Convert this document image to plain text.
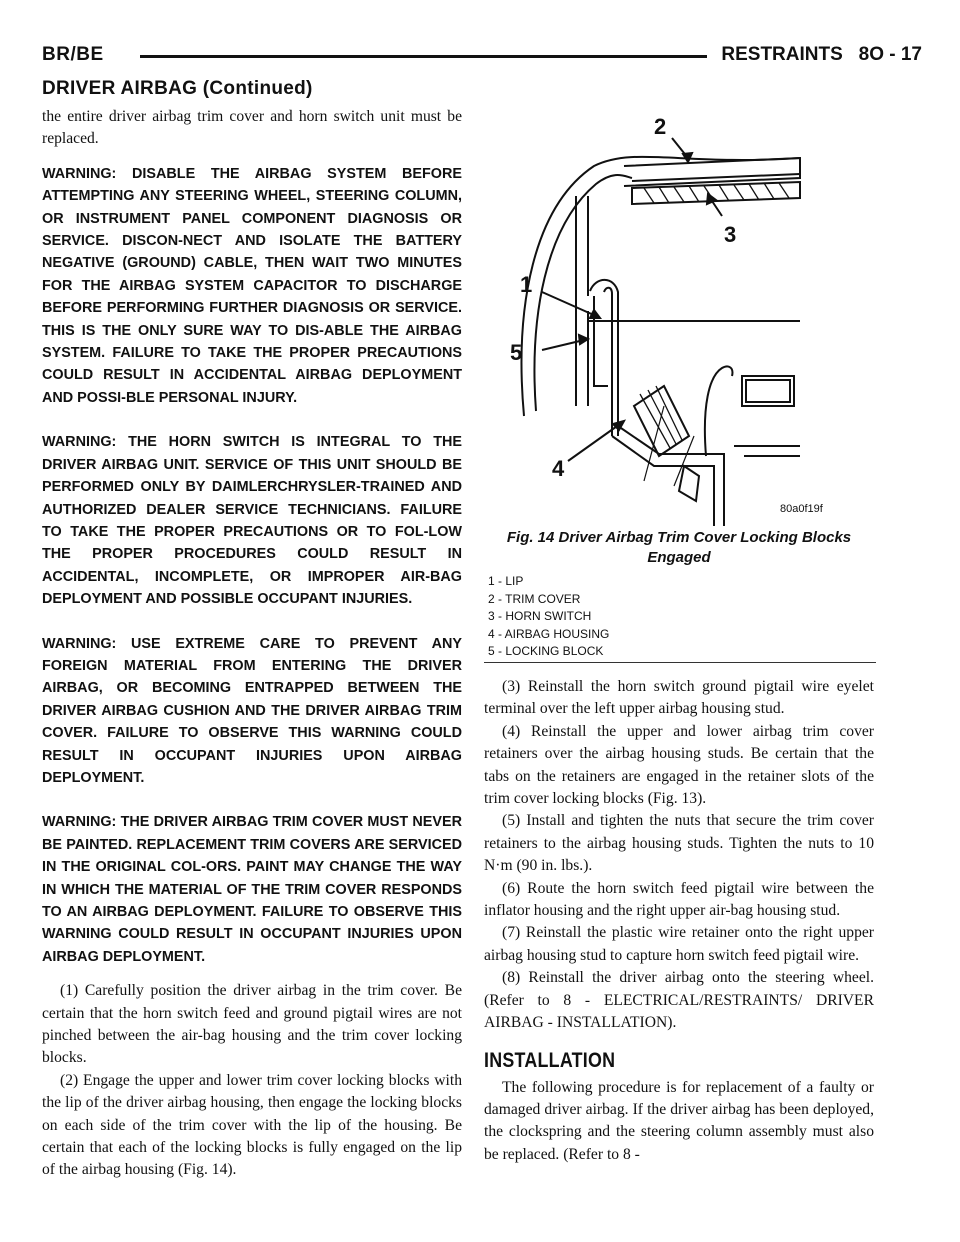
BR/BE	RESTRAINTS 8O - 17
DRIVER AIRBAG (Continued)

the entire driver airbag trim cover and horn switch unit must be replaced.

WARNING: DISABLE THE AIRBAG SYSTEM BEFORE ATTEMPTING ANY STEERING WHEEL, STEERING COLUMN, OR INSTRUMENT PANEL COMPONENT DIAGNOSIS OR SERVICE. DISCON-NECT AND ISOLATE THE BATTERY NEGATIVE (GROUND) CABLE, THEN WAIT TWO MINUTES FOR THE AIRBAG SYSTEM CAPACITOR TO DISCHARGE BEFORE PERFORMING FURTHER DIAGNOSIS OR SERVICE. THIS IS THE ONLY SURE WAY TO DIS-ABLE THE AIRBAG SYSTEM. FAILURE TO TAKE THE PROPER PRECAUTIONS COULD RESULT IN ACCIDENTAL AIRBAG DEPLOYMENT AND POSSI-BLE PERSONAL INJURY.

WARNING: THE HORN SWITCH IS INTEGRAL TO THE DRIVER AIRBAG UNIT. SERVICE OF THIS UNIT SHOULD BE PERFORMED ONLY BY DAIMLERCHRYSLER-TRAINED AND AUTHORIZED DEALER SERVICE TECHNICIANS. FAILURE TO TAKE THE PROPER PRECAUTIONS OR TO FOL-LOW THE PROPER PROCEDURES COULD RESULT IN ACCIDENTAL, INCOMPLETE, OR IMPROPER AIR-BAG DEPLOYMENT AND POSSIBLE OCCUPANT INJURIES.

WARNING: USE EXTREME CARE TO PREVENT ANY FOREIGN MATERIAL FROM ENTERING THE DRIVER AIRBAG, OR BECOMING ENTRAPPED BETWEEN THE DRIVER AIRBAG CUSHION AND THE DRIVER AIRBAG TRIM COVER. FAILURE TO OBSERVE THIS WARNING COULD RESULT IN OCCUPANT INJURIES UPON AIRBAG DEPLOYMENT.

WARNING: THE DRIVER AIRBAG TRIM COVER MUST NEVER BE PAINTED. REPLACEMENT TRIM COVERS ARE SERVICED IN THE ORIGINAL COL-ORS. PAINT MAY CHANGE THE WAY IN WHICH THE MATERIAL OF THE TRIM COVER RESPONDS TO AN AIRBAG DEPLOYMENT. FAILURE TO OBSERVE THIS WARNING COULD RESULT IN OCCUPANT INJURIES UPON AIRBAG DEPLOYMENT.

(1) Carefully position the driver airbag in the trim cover. Be certain that the horn switch feed and ground pigtail wires are not pinched between the air-bag housing and the trim cover locking blocks.

(2) Engage the upper and lower trim cover locking blocks with the lip of the driver airbag housing, then engage the locking blocks on each side of the trim cover with the lip of the housing. Be certain that each of the locking blocks is fully engaged on the lip of the airbag housing (Fig. 14).

2
3
1
5
4
80a0f19f
Fig. 14 Driver Airbag Trim Cover Locking Blocks Engaged
1 - LIP
2 - TRIM COVER
3 - HORN SWITCH
4 - AIRBAG HOUSING
5 - LOCKING BLOCK

(3) Reinstall the horn switch ground pigtail wire eyelet terminal over the left upper airbag housing stud.

(4) Reinstall the upper and lower airbag trim cover retainers over the airbag housing studs. Be certain that the tabs on the retainers are engaged in the retainer slots of the trim cover locking blocks (Fig. 13).

(5) Install and tighten the nuts that secure the trim cover retainers to the airbag housing studs. Tighten the nuts to 10 N·m (90 in. lbs.).

(6) Route the horn switch feed pigtail wire between the inflator housing and the right upper air-bag housing stud.

(7) Reinstall the plastic wire retainer onto the right upper airbag housing stud to capture horn switch feed pigtail wire.

(8) Reinstall the driver airbag onto the steering wheel. (Refer to 8 - ELECTRICAL/RESTRAINTS/ DRIVER AIRBAG - INSTALLATION).

INSTALLATION

The following procedure is for replacement of a faulty or damaged driver airbag. If the driver airbag has been deployed, the clockspring and the steering column assembly must also be replaced. (Refer to 8 -
